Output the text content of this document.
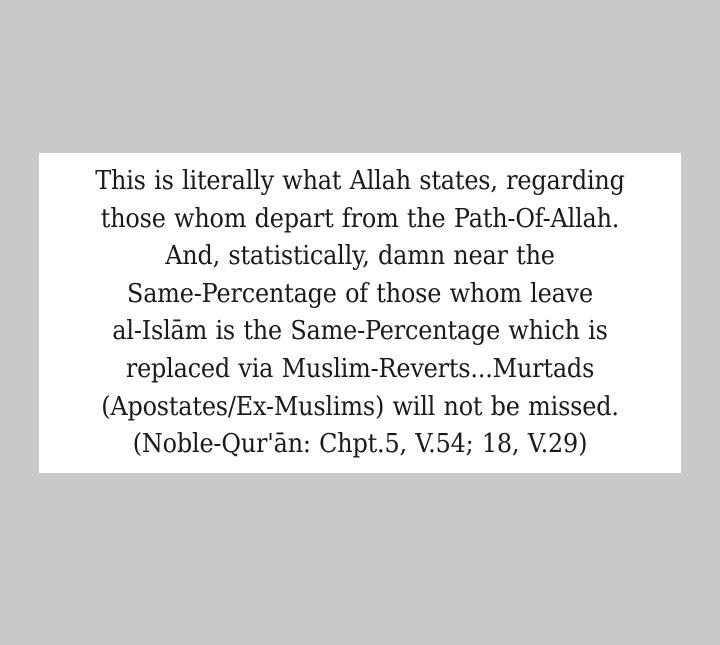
This is literally what Allah states, regarding
those whom depart from the Path-Of-Allah.
And, statistically, damn near the
Same-Percentage of those whom leave
al-Islām is the Same-Percentage which is
replaced via Muslim-Reverts...Murtads
(Apostates/Ex-Muslims) will not be missed.
(Noble-Qur'ān: Chpt.5, V.54; 18, V.29)
